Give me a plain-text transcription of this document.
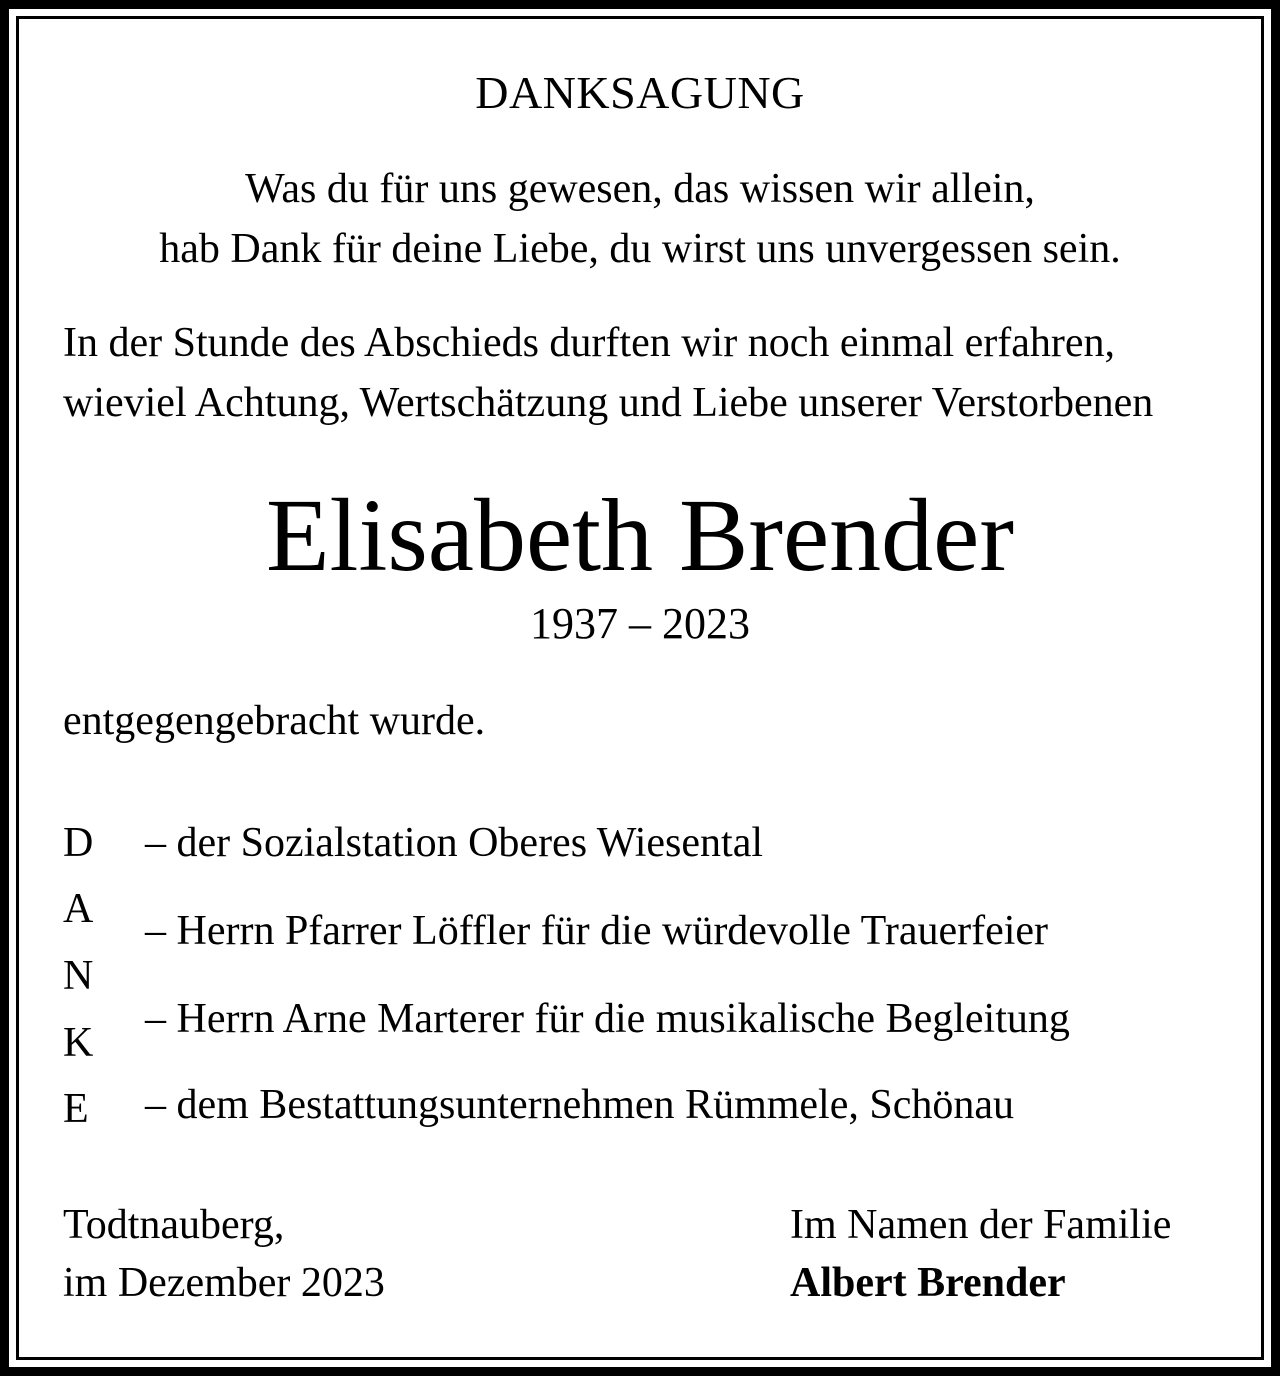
DANKSAGUNG
Was du für uns gewesen, das wissen wir allein,
hab Dank für deine Liebe, du wirst uns unvergessen sein.
In der Stunde des Abschieds durften wir noch einmal erfahren,
wieviel Achtung, Wertschätzung und Liebe unserer Verstorbenen
Elisabeth Brender
1937 – 2023
entgegengebracht wurde.
D
A
N
K
E
– der Sozialstation Oberes Wiesental
– Herrn Pfarrer Löffler für die würdevolle Trauerfeier
– Herrn Arne Marterer für die musikalische Begleitung
– dem Bestattungsunternehmen Rümmele, Schönau
Todtnauberg,
im Dezember 2023
Im Namen der Familie
Albert Brender
